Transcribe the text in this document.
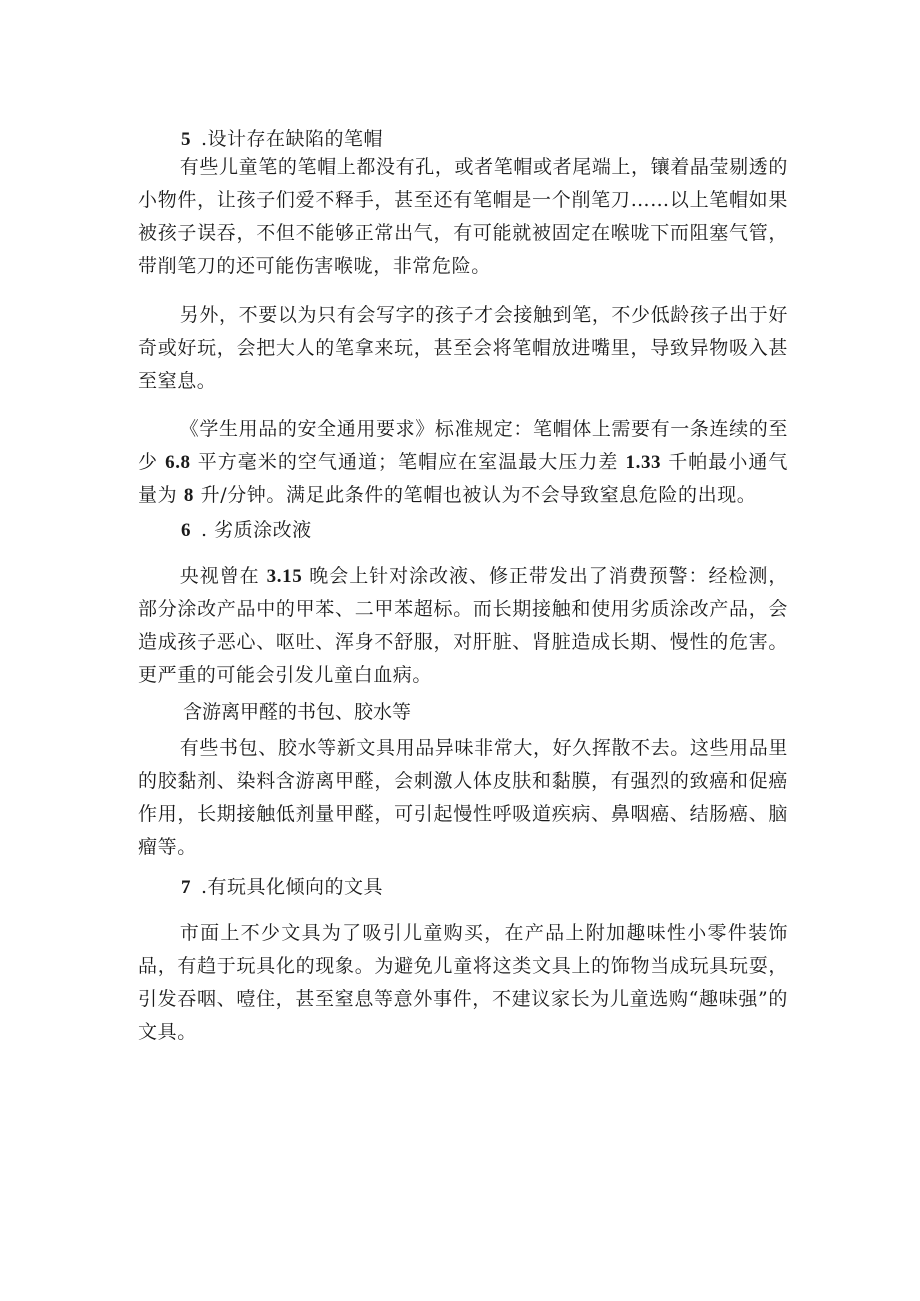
5 .设计存在缺陷的笔帽

有些儿童笔的笔帽上都没有孔，或者笔帽或者尾端上，镶着晶莹剔透的小物件，让孩子们爱不释手，甚至还有笔帽是一个削笔刀……以上笔帽如果被孩子误吞，不但不能够正常出气，有可能就被固定在喉咙下而阻塞气管，带削笔刀的还可能伤害喉咙，非常危险。

另外，不要以为只有会写字的孩子才会接触到笔，不少低龄孩子出于好奇或好玩，会把大人的笔拿来玩，甚至会将笔帽放进嘴里，导致异物吸入甚至窒息。

《学生用品的安全通用要求》标准规定：笔帽体上需要有一条连续的至少 6.8 平方毫米的空气通道；笔帽应在室温最大压力差 1.33 千帕最小通气量为 8 升/分钟。满足此条件的笔帽也被认为不会导致窒息危险的出现。

6 . 劣质涂改液

央视曾在 3.15 晚会上针对涂改液、修正带发出了消费预警：经检测，部分涂改产品中的甲苯、二甲苯超标。而长期接触和使用劣质涂改产品，会造成孩子恶心、呕吐、浑身不舒服，对肝脏、肾脏造成长期、慢性的危害。更严重的可能会引发儿童白血病。

含游离甲醛的书包、胶水等

有些书包、胶水等新文具用品异味非常大，好久挥散不去。这些用品里的胶黏剂、染料含游离甲醛，会刺激人体皮肤和黏膜，有强烈的致癌和促癌作用，长期接触低剂量甲醛，可引起慢性呼吸道疾病、鼻咽癌、结肠癌、脑瘤等。

7 .有玩具化倾向的文具

市面上不少文具为了吸引儿童购买，在产品上附加趣味性小零件装饰品，有趋于玩具化的现象。为避免儿童将这类文具上的饰物当成玩具玩耍，引发吞咽、噎住，甚至窒息等意外事件，不建议家长为儿童选购“趣味强”的文具。
